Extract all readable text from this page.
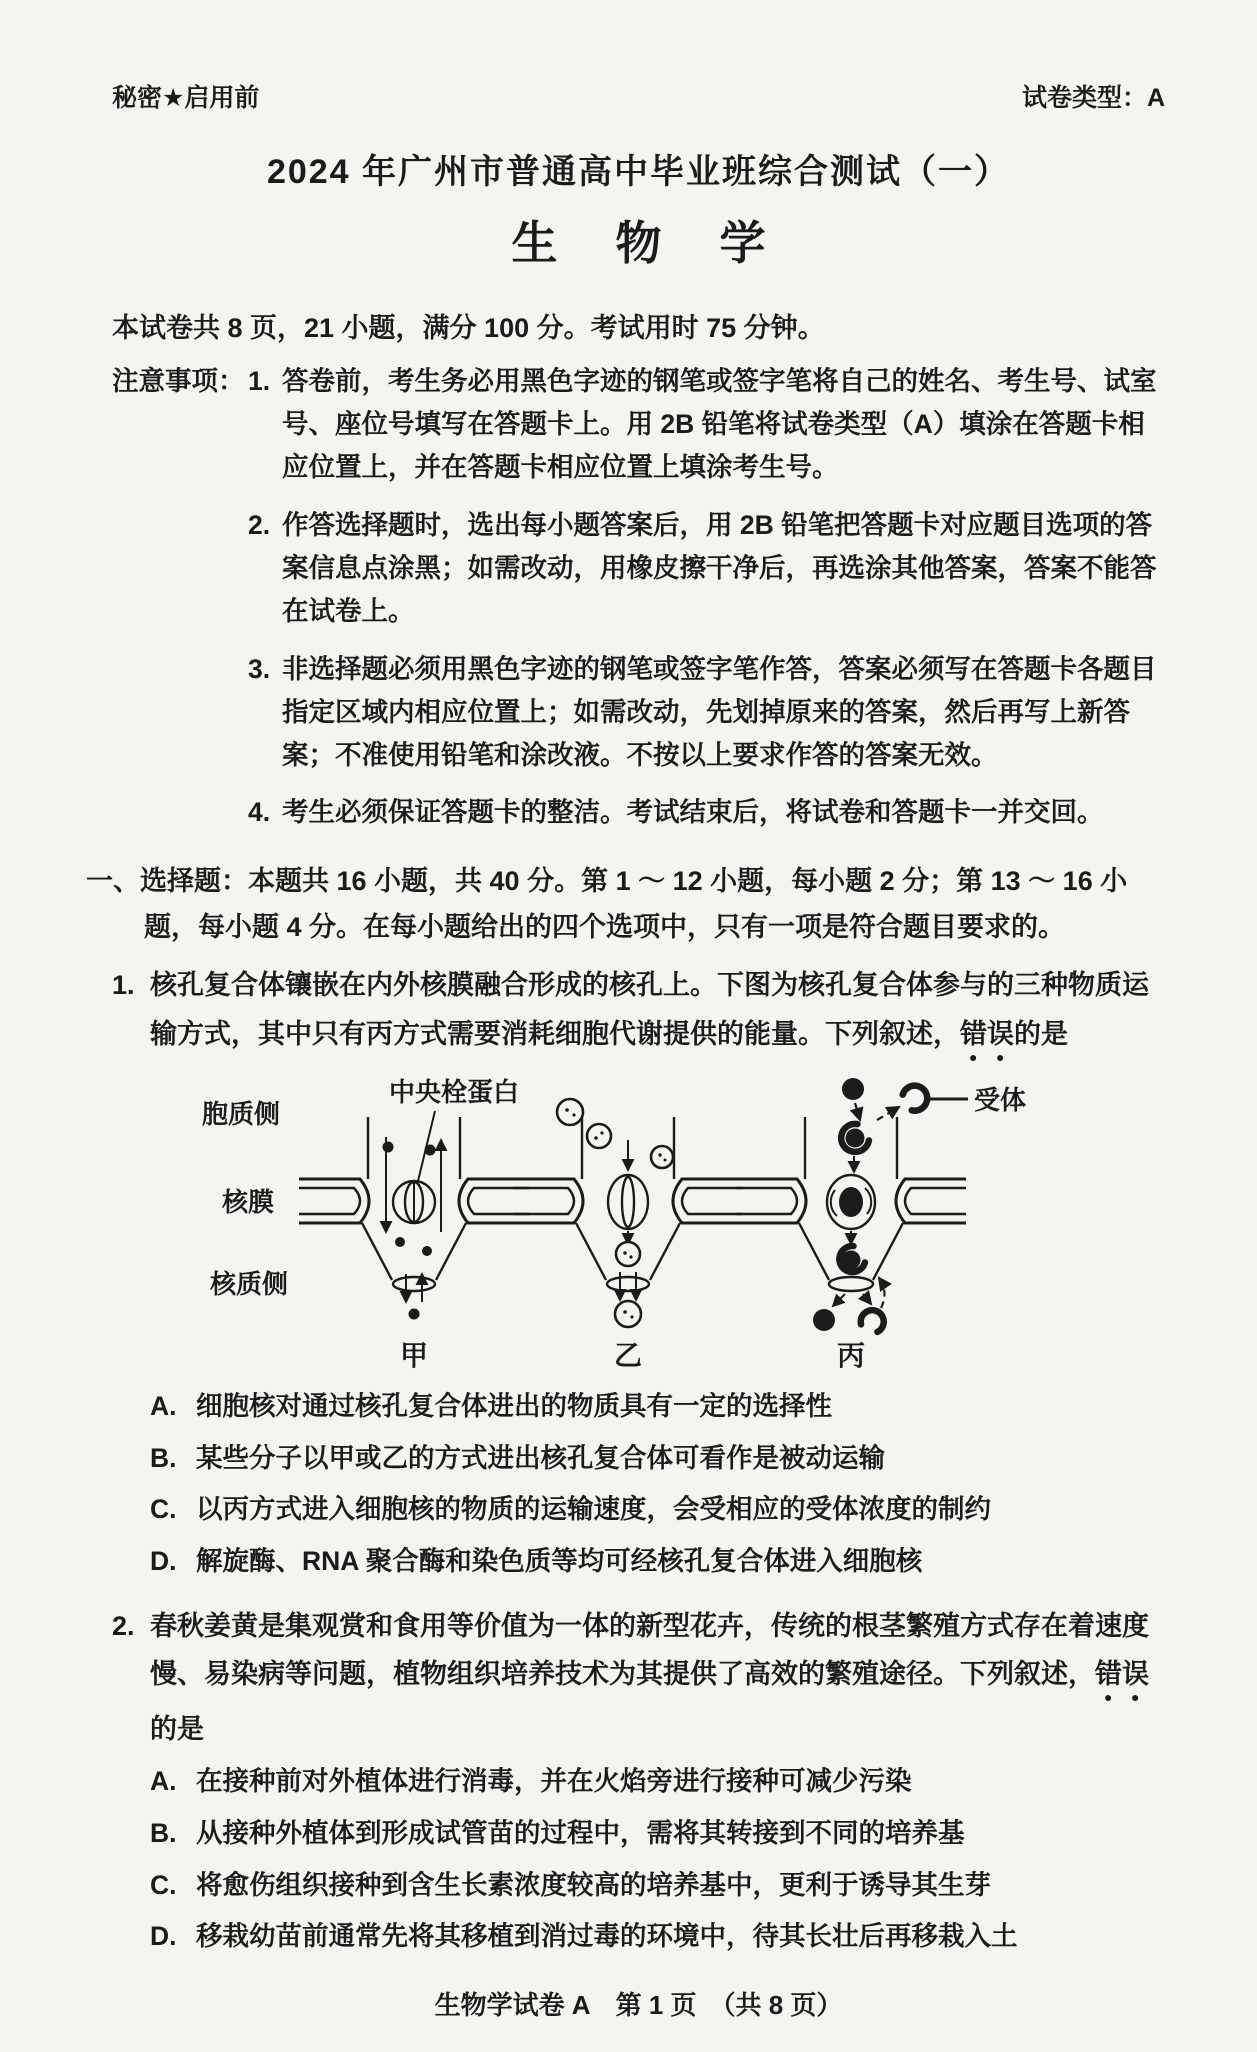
秘密★启用前	试卷类型：A
2024 年广州市普通高中毕业班综合测试（一）
生物学
本试卷共 8 页，21 小题，满分 100 分。考试用时 75 分钟。
注意事项： 1. 答卷前，考生务必用黑色字迹的钢笔或签字笔将自己的姓名、考生号、试室号、座位号填写在答题卡上。用 2B 铅笔将试卷类型（A）填涂在答题卡相应位置上，并在答题卡相应位置上填涂考生号。
2. 作答选择题时，选出每小题答案后，用 2B 铅笔把答题卡对应题目选项的答案信息点涂黑；如需改动，用橡皮擦干净后，再选涂其他答案，答案不能答在试卷上。
3. 非选择题必须用黑色字迹的钢笔或签字笔作答，答案必须写在答题卡各题目指定区域内相应位置上；如需改动，先划掉原来的答案，然后再写上新答案；不准使用铅笔和涂改液。不按以上要求作答的答案无效。
4. 考生必须保证答题卡的整洁。考试结束后，将试卷和答题卡一并交回。
一、选择题：本题共 16 小题，共 40 分。第 1 ～ 12 小题，每小题 2 分；第 13 ～ 16 小题，每小题 4 分。在每小题给出的四个选项中，只有一项是符合题目要求的。
1. 核孔复合体镶嵌在内外核膜融合形成的核孔上。下图为核孔复合体参与的三种物质运输方式，其中只有丙方式需要消耗细胞代谢提供的能量。下列叙述，错误的是
胞质侧
核膜
核质侧
中央栓蛋白	受体
甲	乙	丙
A. 细胞核对通过核孔复合体进出的物质具有一定的选择性
B. 某些分子以甲或乙的方式进出核孔复合体可看作是被动运输
C. 以丙方式进入细胞核的物质的运输速度，会受相应的受体浓度的制约
D. 解旋酶、RNA 聚合酶和染色质等均可经核孔复合体进入细胞核
2. 春秋姜黄是集观赏和食用等价值为一体的新型花卉，传统的根茎繁殖方式存在着速度慢、易染病等问题，植物组织培养技术为其提供了高效的繁殖途径。下列叙述，错误的是
A. 在接种前对外植体进行消毒，并在火焰旁进行接种可减少污染
B. 从接种外植体到形成试管苗的过程中，需将其转接到不同的培养基
C. 将愈伤组织接种到含生长素浓度较高的培养基中，更利于诱导其生芽
D. 移栽幼苗前通常先将其移植到消过毒的环境中，待其长壮后再移栽入土
生物学试卷 A　第 1 页　（共 8 页）
